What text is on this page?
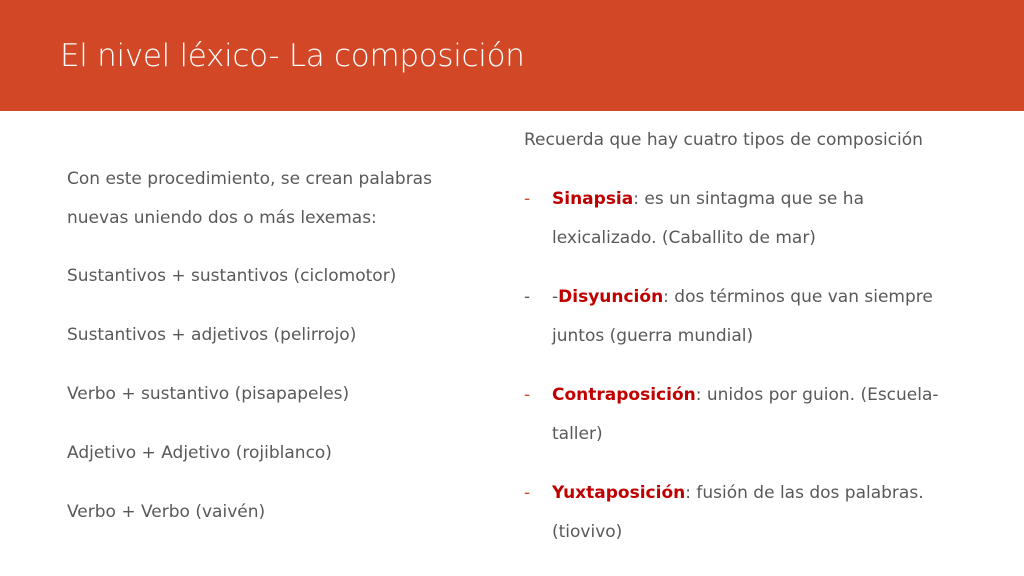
El nivel léxico- La composición
Con este procedimiento, se crean palabras nuevas uniendo dos o más lexemas:
Sustantivos + sustantivos (ciclomotor)
Sustantivos + adjetivos (pelirrojo)
Verbo + sustantivo (pisapapeles)
Adjetivo + Adjetivo (rojiblanco)
Verbo + Verbo (vaivén)
Recuerda que hay cuatro tipos de composición
- Sinapsia: es un sintagma que se ha lexicalizado. (Caballito de mar)
- -Disyunción: dos términos que van siempre juntos (guerra mundial)
- Contraposición: unidos por guion. (Escuela-taller)
- Yuxtaposición: fusión de las dos palabras. (tiovivo)
